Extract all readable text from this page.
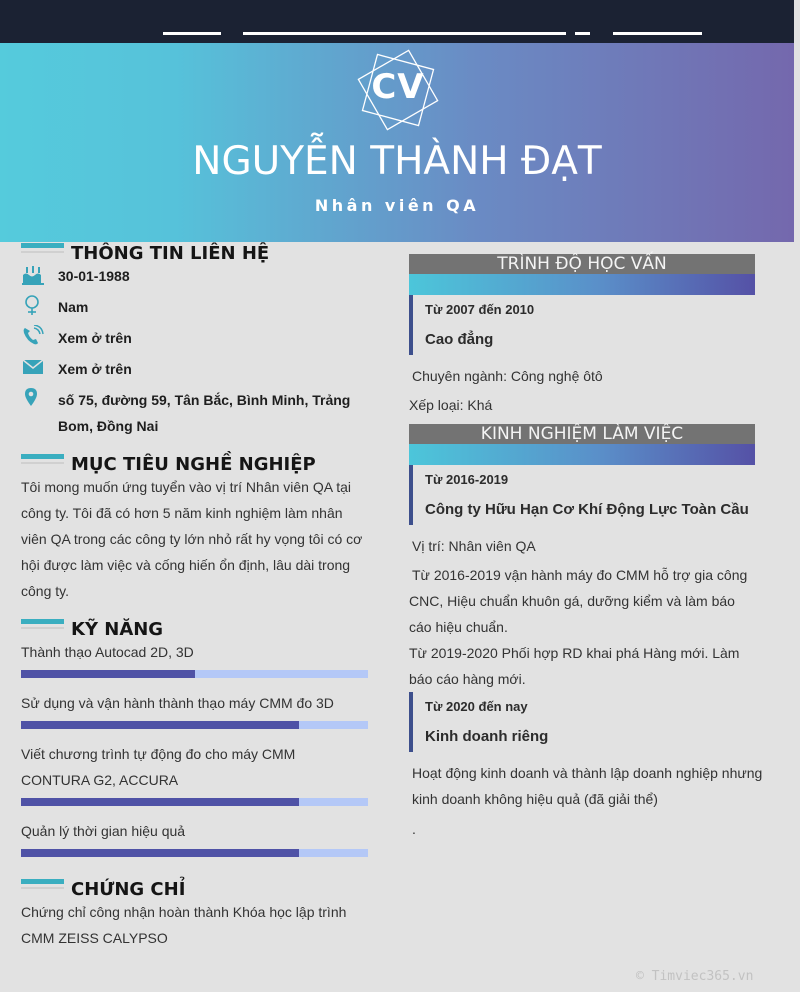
CV
NGUYỄN THÀNH ĐẠT
Nhân viên QA
THÔNG TIN LIÊN HỆ
30-01-1988
Nam
Xem ở trên
Xem ở trên
số 75, đường 59, Tân Bắc, Bình Minh, Trảng Bom, Đồng Nai
MỤC TIÊU NGHỀ NGHIỆP
Tôi mong muốn ứng tuyển vào vị trí Nhân viên QA tại công ty. Tôi đã có hơn 5 năm kinh nghiệm làm nhân viên QA trong các công ty lớn nhỏ rất hy vọng tôi có cơ hội được làm việc và cống hiến ổn định, lâu dài trong công ty.
KỸ NĂNG
Thành thạo Autocad 2D, 3D
Sử dụng và vận hành thành thạo máy CMM đo 3D
Viết chương trình tự động đo cho máy CMM CONTURA G2, ACCURA
Quản lý thời gian hiệu quả
CHỨNG CHỈ
Chứng chỉ công nhận hoàn thành Khóa học lập trình CMM ZEISS CALYPSO
TRÌNH ĐỘ HỌC VẤN
Từ 2007 đến 2010
Cao đẳng
Chuyên ngành: Công nghệ ôtô
Xếp loại: Khá
KINH NGHIỆM LÀM VIỆC
Từ 2016-2019
Công ty Hữu Hạn Cơ Khí Động Lực Toàn Cầu
Vị trí: Nhân viên QA
Từ 2016-2019 vận hành máy đo CMM hỗ trợ gia công CNC, Hiệu chuẩn khuôn gá, dưỡng kiểm và làm báo cáo hiệu chuẩn.
Từ 2019-2020 Phối hợp RD khai phá Hàng mới. Làm báo cáo hàng mới.
Từ 2020 đến nay
Kinh doanh riêng
Hoạt động kinh doanh và thành lập doanh nghiệp nhưng kinh doanh không hiệu quả (đã giải thể)
.
© Timviec365.vn
